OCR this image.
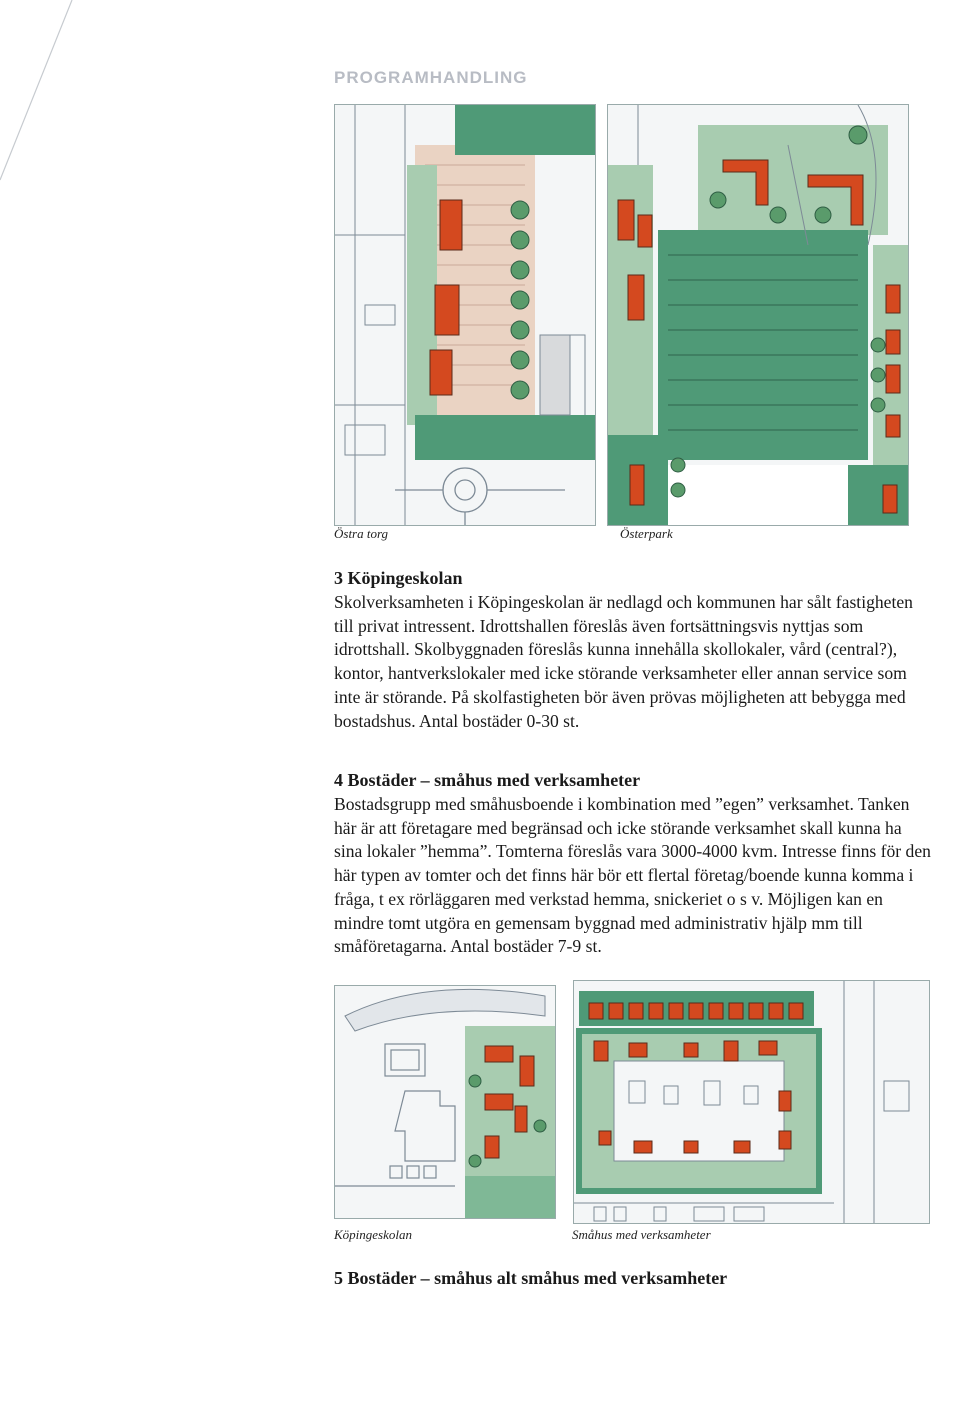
PROGRAMHANDLING
Östra torg	Österpark
3 Köpingeskolan

Skolverksamheten i Köpingeskolan är nedlagd och kommunen har sålt fastigheten till privat intressent. Idrottshallen föreslås även fortsättningsvis nyttjas som idrottshall. Skolbyggnaden föreslås kunna innehålla skollokaler, vård (central?), kontor, hantverkslokaler med icke störande verksamheter eller annan service som inte är störande. På skolfastigheten bör även prövas möjligheten att bebygga med bostadshus. Antal bostäder 0-30 st.

4 Bostäder – småhus med verksamheter

Bostadsgrupp med småhusboende i kombination med ”egen” verksamhet. Tanken här är att företagare med begränsad och icke störande verksamhet skall kunna ha sina lokaler ”hemma”. Tomterna föreslås vara 3000-4000 kvm. Intresse finns för den här typen av tomter och det finns här bör ett flertal företag/boende kunna komma i fråga, t ex rörläggaren med verkstad hemma, snickeriet o s v. Möjligen kan en mindre tomt utgöra en gemensam byggnad med administrativ hjälp mm till småföretagarna. Antal bostäder 7-9 st.

Köpingeskolan	Småhus med verksamheter
5 Bostäder – småhus alt småhus med verksamheter
